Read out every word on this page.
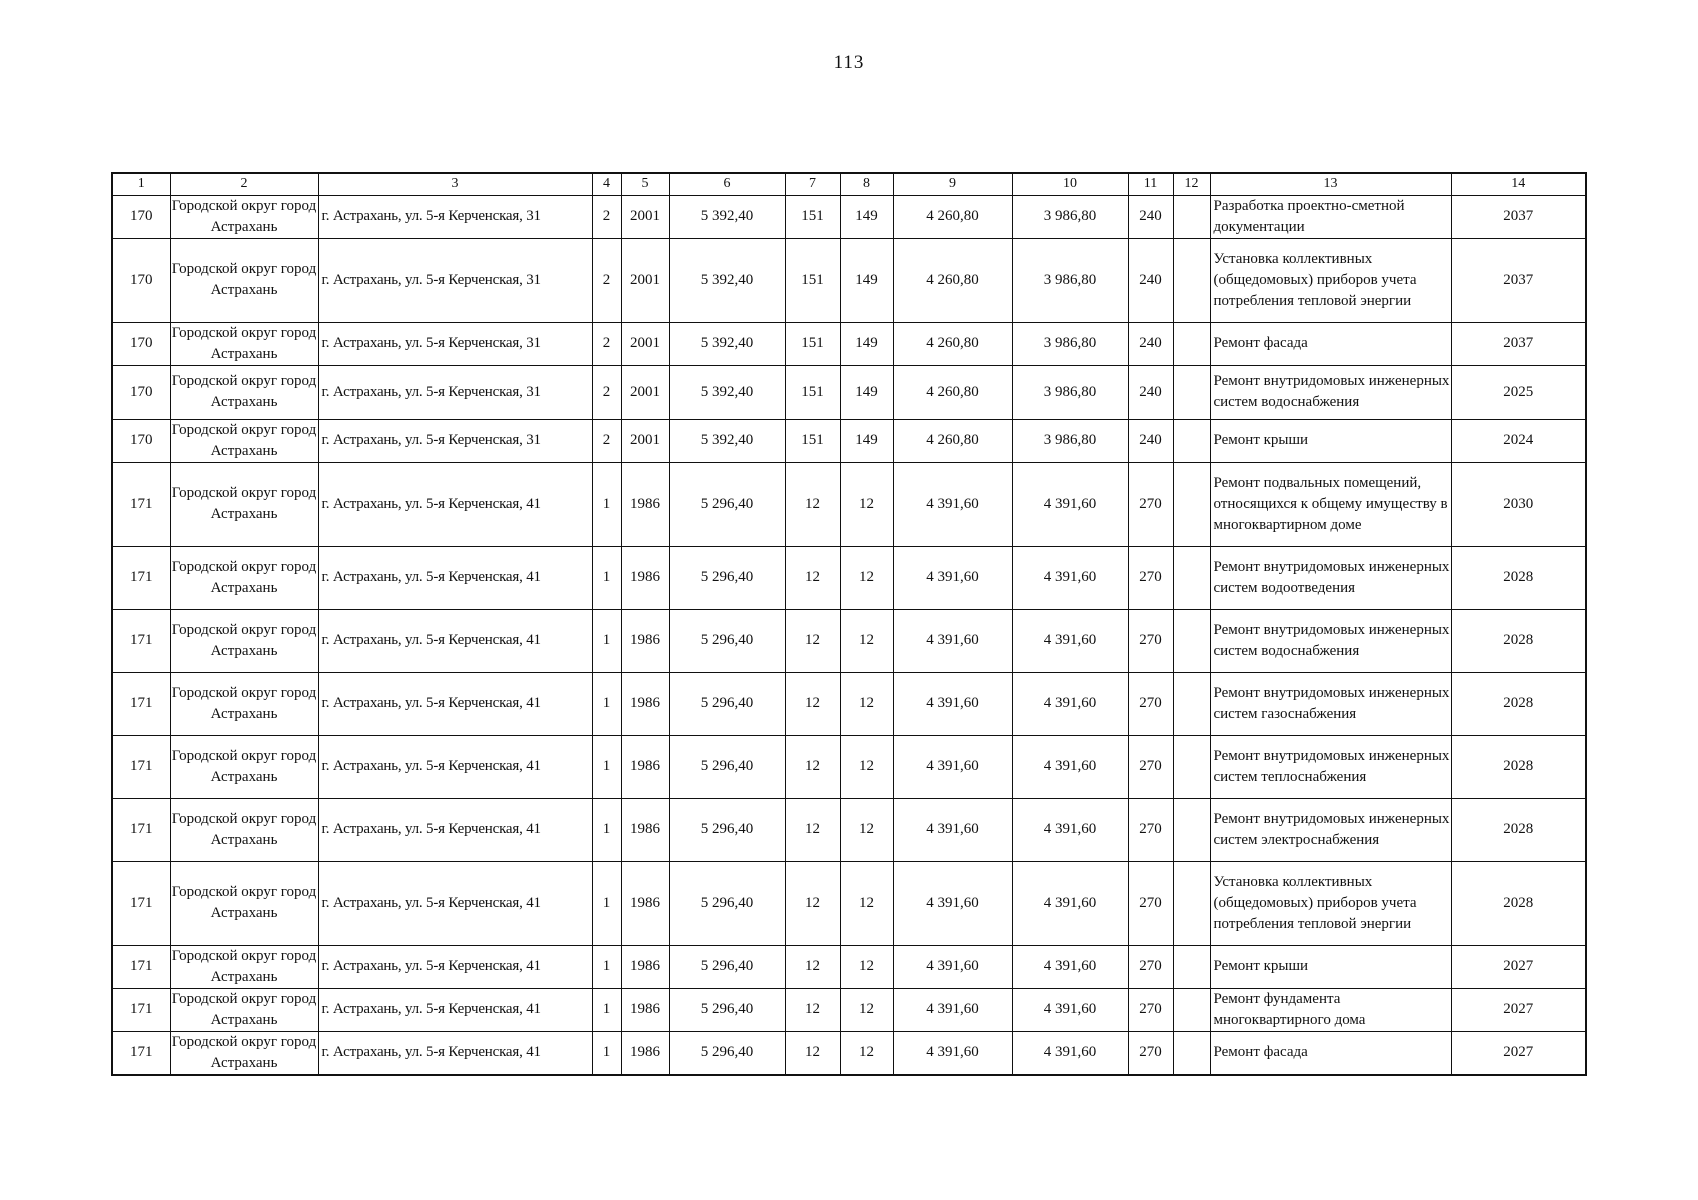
113
1	2	3	4	5	6	7	8	9	10	11	12	13	14
170	Городской округ город Астрахань	г. Астрахань, ул. 5-я Керченская, 31	2	2001	5 392,40	151	149	4 260,80	3 986,80	240		Разработка проектно-сметной документации	2037
170	Городской округ город Астрахань	г. Астрахань, ул. 5-я Керченская, 31	2	2001	5 392,40	151	149	4 260,80	3 986,80	240		Установка коллективных (общедомовых) приборов учета потребления тепловой энергии	2037
170	Городской округ город Астрахань	г. Астрахань, ул. 5-я Керченская, 31	2	2001	5 392,40	151	149	4 260,80	3 986,80	240		Ремонт фасада	2037
170	Городской округ город Астрахань	г. Астрахань, ул. 5-я Керченская, 31	2	2001	5 392,40	151	149	4 260,80	3 986,80	240		Ремонт внутридомовых инженерных систем водоснабжения	2025
170	Городской округ город Астрахань	г. Астрахань, ул. 5-я Керченская, 31	2	2001	5 392,40	151	149	4 260,80	3 986,80	240		Ремонт крыши	2024
171	Городской округ город Астрахань	г. Астрахань, ул. 5-я Керченская, 41	1	1986	5 296,40	12	12	4 391,60	4 391,60	270		Ремонт подвальных помещений, относящихся к общему имуществу в многоквартирном доме	2030
171	Городской округ город Астрахань	г. Астрахань, ул. 5-я Керченская, 41	1	1986	5 296,40	12	12	4 391,60	4 391,60	270		Ремонт внутридомовых инженерных систем водоотведения	2028
171	Городской округ город Астрахань	г. Астрахань, ул. 5-я Керченская, 41	1	1986	5 296,40	12	12	4 391,60	4 391,60	270		Ремонт внутридомовых инженерных систем водоснабжения	2028
171	Городской округ город Астрахань	г. Астрахань, ул. 5-я Керченская, 41	1	1986	5 296,40	12	12	4 391,60	4 391,60	270		Ремонт внутридомовых инженерных систем газоснабжения	2028
171	Городской округ город Астрахань	г. Астрахань, ул. 5-я Керченская, 41	1	1986	5 296,40	12	12	4 391,60	4 391,60	270		Ремонт внутридомовых инженерных систем теплоснабжения	2028
171	Городской округ город Астрахань	г. Астрахань, ул. 5-я Керченская, 41	1	1986	5 296,40	12	12	4 391,60	4 391,60	270		Ремонт внутридомовых инженерных систем электроснабжения	2028
171	Городской округ город Астрахань	г. Астрахань, ул. 5-я Керченская, 41	1	1986	5 296,40	12	12	4 391,60	4 391,60	270		Установка коллективных (общедомовых) приборов учета потребления тепловой энергии	2028
171	Городской округ город Астрахань	г. Астрахань, ул. 5-я Керченская, 41	1	1986	5 296,40	12	12	4 391,60	4 391,60	270		Ремонт крыши	2027
171	Городской округ город Астрахань	г. Астрахань, ул. 5-я Керченская, 41	1	1986	5 296,40	12	12	4 391,60	4 391,60	270		Ремонт фундамента многоквартирного дома	2027
171	Городской округ город Астрахань	г. Астрахань, ул. 5-я Керченская, 41	1	1986	5 296,40	12	12	4 391,60	4 391,60	270		Ремонт фасада	2027
